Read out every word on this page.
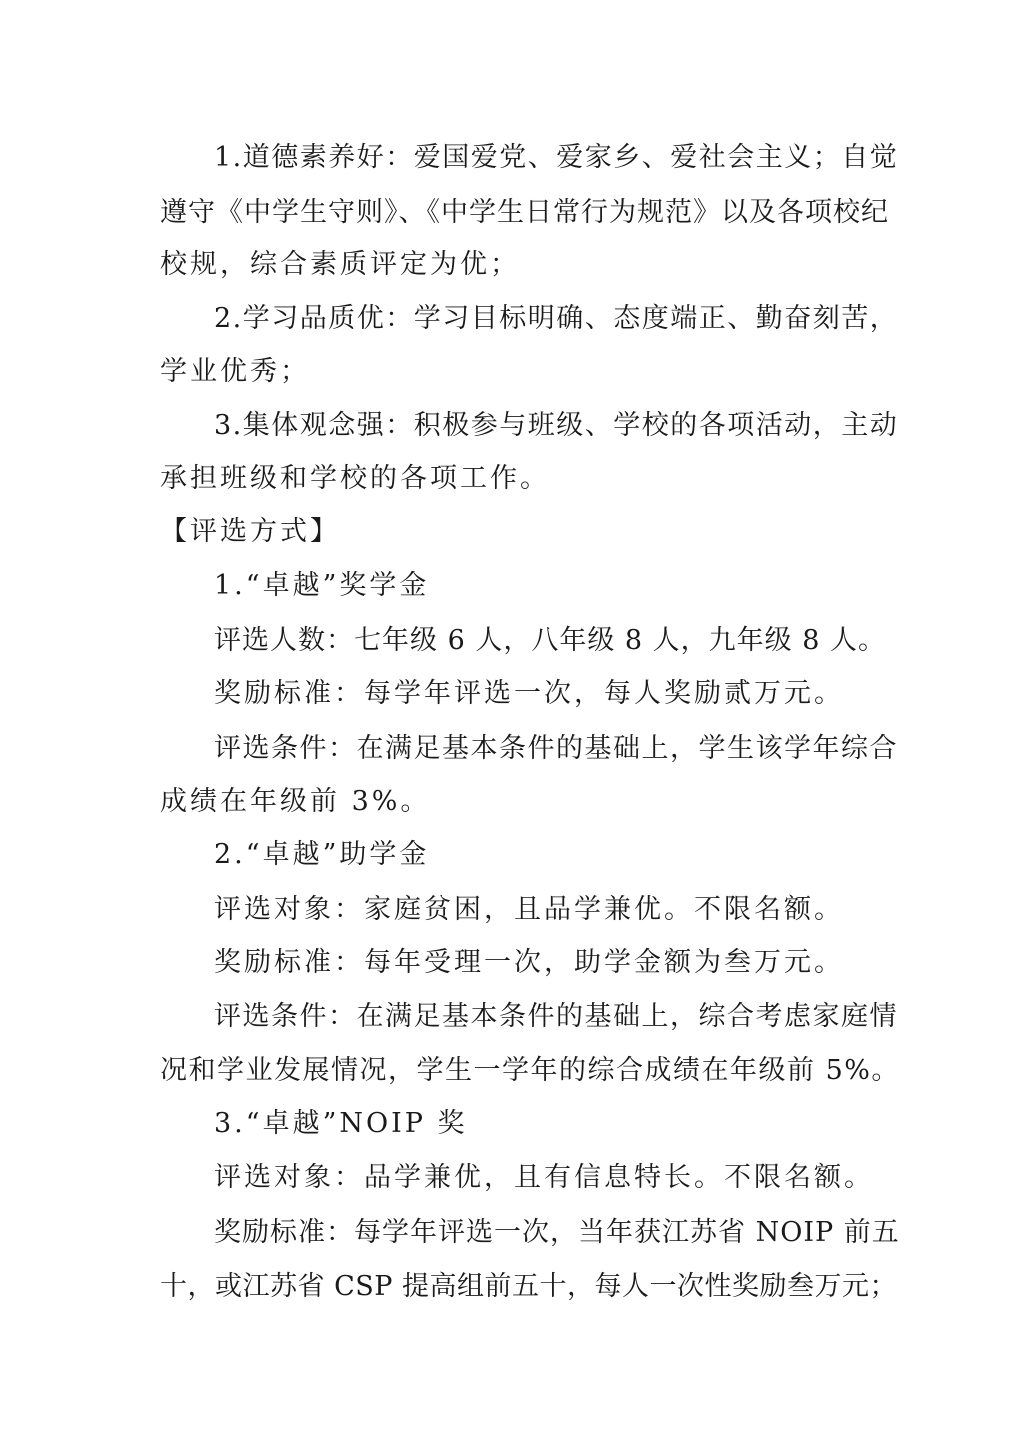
1.道德素养好：爱国爱党、爱家乡、爱社会主义；自觉
遵守《中学生守则》、《中学生日常行为规范》以及各项校纪
校规，综合素质评定为优；
2.学习品质优：学习目标明确、态度端正、勤奋刻苦，
学业优秀；
3.集体观念强：积极参与班级、学校的各项活动，主动
承担班级和学校的各项工作。
【评选方式】
1.“卓越”奖学金
评选人数：七年级 6 人，八年级 8 人，九年级 8 人。
奖励标准：每学年评选一次，每人奖励贰万元。
评选条件：在满足基本条件的基础上，学生该学年综合
成绩在年级前 3%。
2.“卓越”助学金
评选对象：家庭贫困，且品学兼优。不限名额。
奖励标准：每年受理一次，助学金额为叁万元。
评选条件：在满足基本条件的基础上，综合考虑家庭情
况和学业发展情况，学生一学年的综合成绩在年级前 5%。
3.“卓越”NOIP 奖
评选对象：品学兼优，且有信息特长。不限名额。
奖励标准：每学年评选一次，当年获江苏省 NOIP 前五
十，或江苏省 CSP 提高组前五十，每人一次性奖励叁万元；
